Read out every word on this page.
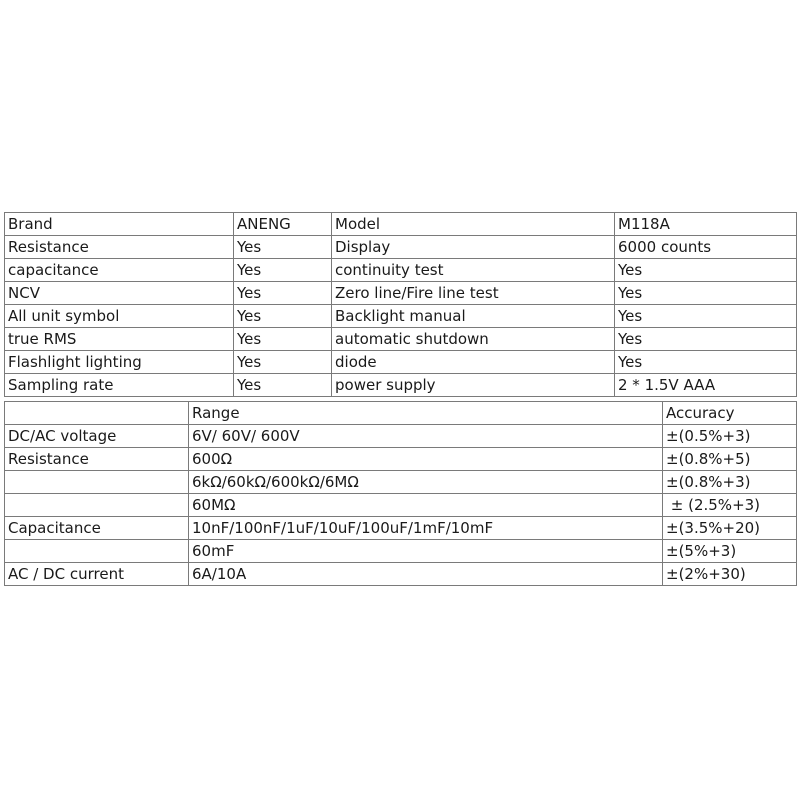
Brand	ANENG	Model	M118A
Resistance	Yes	Display	6000 counts
capacitance	Yes	continuity test	Yes
NCV	Yes	Zero line/Fire line test	Yes
All unit symbol	Yes	Backlight manual	Yes
true RMS	Yes	automatic shutdown	Yes
Flashlight lighting	Yes	diode	Yes
Sampling rate	Yes	power supply	2 * 1.5V AAA
	Range	Accuracy
DC/AC voltage	6V/ 60V/ 600V	±(0.5%+3)
Resistance	600Ω	±(0.8%+5)
	6kΩ/60kΩ/600kΩ/6MΩ	±(0.8%+3)
	60MΩ	± (2.5%+3)
Capacitance	10nF/100nF/1uF/10uF/100uF/1mF/10mF	±(3.5%+20)
	60mF	±(5%+3)
AC / DC current	6A/10A	±(2%+30)
